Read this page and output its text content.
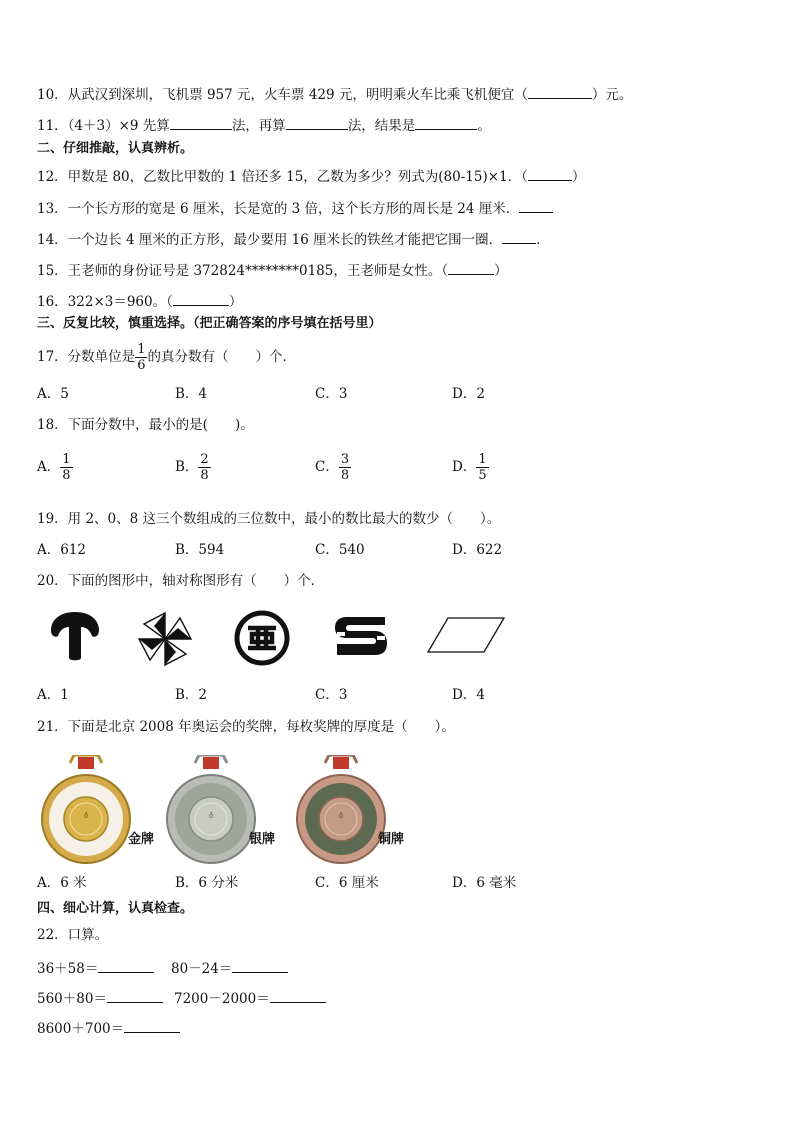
10．从武汉到深圳，飞机票 957 元，火车票 429 元，明明乘火车比乘飞机便宜（	）元。
11．（4＋3）×9 先算	法，再算	法，结果是	。
二、仔细推敲，认真辨析。
12．甲数是 80，乙数比甲数的 1 倍还多 15，乙数为多少？列式为(80-15)×1．（	）
13．一个长方形的宽是 6 厘米，长是宽的 3 倍，这个长方形的周长是 24 厘米．
14．一个边长 4 厘米的正方形，最少要用 16 厘米长的铁丝才能把它围一圈．	．
15．王老师的身份证号是 372824********0185，王老师是女性。（	）
16．322×3＝960。（	）
三、反复比较，慎重选择。（把正确答案的序号填在括号里）
17．分数单位是 $\frac{1}{6}$ 的真分数有（　　）个．
A．5	B．4	C．3	D．2
18．下面分数中，最小的是(　　)。
A． $\frac{1}{8}$	B． $\frac{2}{8}$	C． $\frac{3}{8}$	D． $\frac{1}{5}$
19．用 2、0、8 这三个数组成的三位数中，最小的数比最大的数少（　　）。
A．612	B．594	C．540	D．622
20．下面的图形中，轴对称图形有（　　）个．
A．1	B．2	C．3	D．4
21．下面是北京 2008 年奥运会的奖牌，每枚奖牌的厚度是（　　）。
♁
金牌
♁
银牌
♁
铜牌
A．6 米	B．6 分米	C．6 厘米	D．6 毫米
四、细心计算，认真检查。
22．口算。
36＋58＝	80－24＝
560＋80＝	7200－2000＝
8600＋700＝
